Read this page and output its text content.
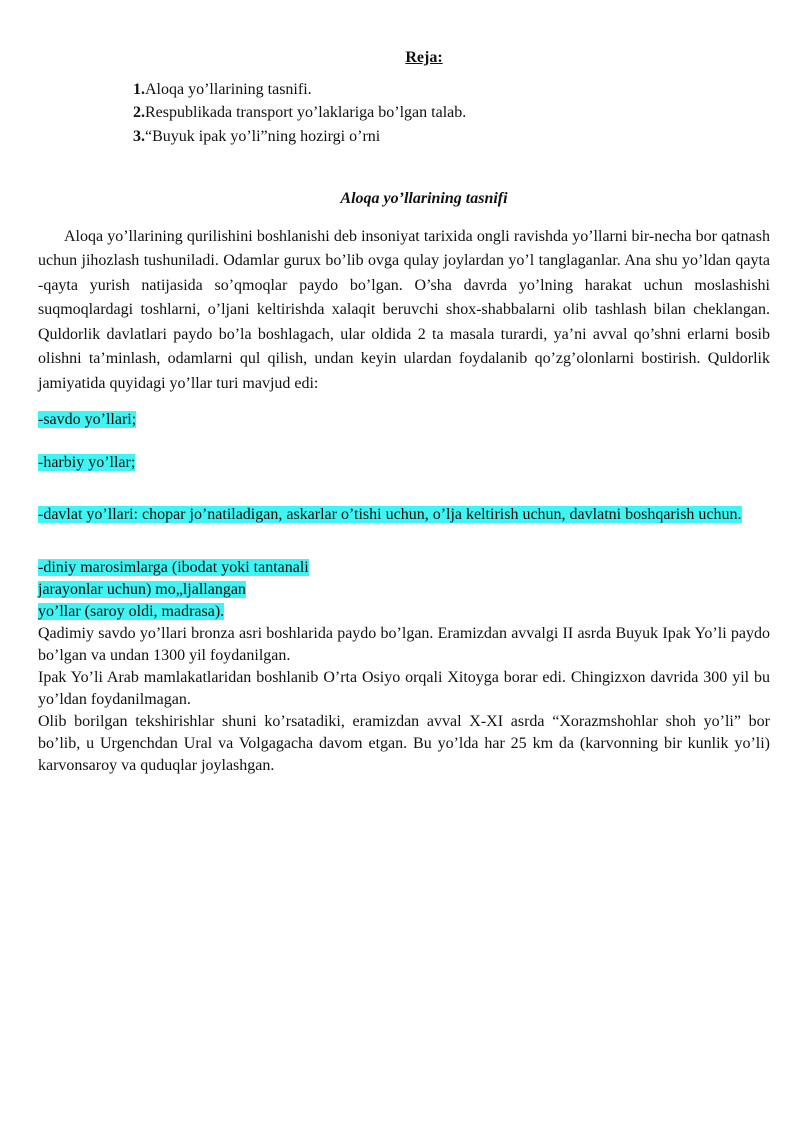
Reja:
1.Aloqa yo’llarining tasnifi.
2.Respublikada transport yo’laklariga bo’lgan talab.
3.“Buyuk ipak yo’li”ning hozirgi o’rni
Aloqa yo’llarining tasnifi

Aloqa yo’llarining qurilishini boshlanishi deb insoniyat tarixida ongli ravishda yo’llarni bir-necha bor qatnash uchun jihozlash tushuniladi. Odamlar gurux bo’lib ovga qulay joylardan yo’l tanglaganlar. Ana shu yo’ldan qayta -qayta yurish natijasida so’qmoqlar paydo bo’lgan. O’sha davrda yo’lning harakat uchun moslashishi suqmoqlardagi toshlarni, o’ljani keltirishda xalaqit beruvchi shox-shabbalarni olib tashlash bilan cheklangan. Quldorlik davlatlari paydo bo’la boshlagach, ular oldida 2 ta masala turardi, ya’ni avval qo’shni erlarni bosib olishni ta’minlash, odamlarni qul qilish, undan keyin ulardan foydalanib qo’zg’olonlarni bostirish. Quldorlik jamiyatida quyidagi yo’llar turi mavjud edi:

-savdo yo’llari;

-harbiy yo’llar;

-davlat yo’llari: chopar jo’natiladigan, askarlar o’tishi uchun, o’lja keltirish uchun, davlatni boshqarish uchun.

-diniy marosimlarga (ibodat yoki tantanali
jarayonlar uchun) mo„ljallangan
yo’llar (saroy oldi, madrasa).

Qadimiy savdo yo’llari bronza asri boshlarida paydo bo’lgan. Eramizdan avvalgi II asrda Buyuk Ipak Yo’li paydo bo’lgan va undan 1300 yil foydanilgan.

Ipak Yo’li Arab mamlakatlaridan boshlanib O’rta Osiyo orqali Xitoyga borar edi. Chingizxon davrida 300 yil bu yo’ldan foydanilmagan.

Olib borilgan tekshirishlar shuni ko’rsatadiki, eramizdan avval X-XI asrda “Xorazmshohlar shoh yo’li” bor bo’lib, u Urgenchdan Ural va Volgagacha davom etgan. Bu yo’lda har 25 km da (karvonning bir kunlik yo’li) karvonsaroy va quduqlar joylashgan.
